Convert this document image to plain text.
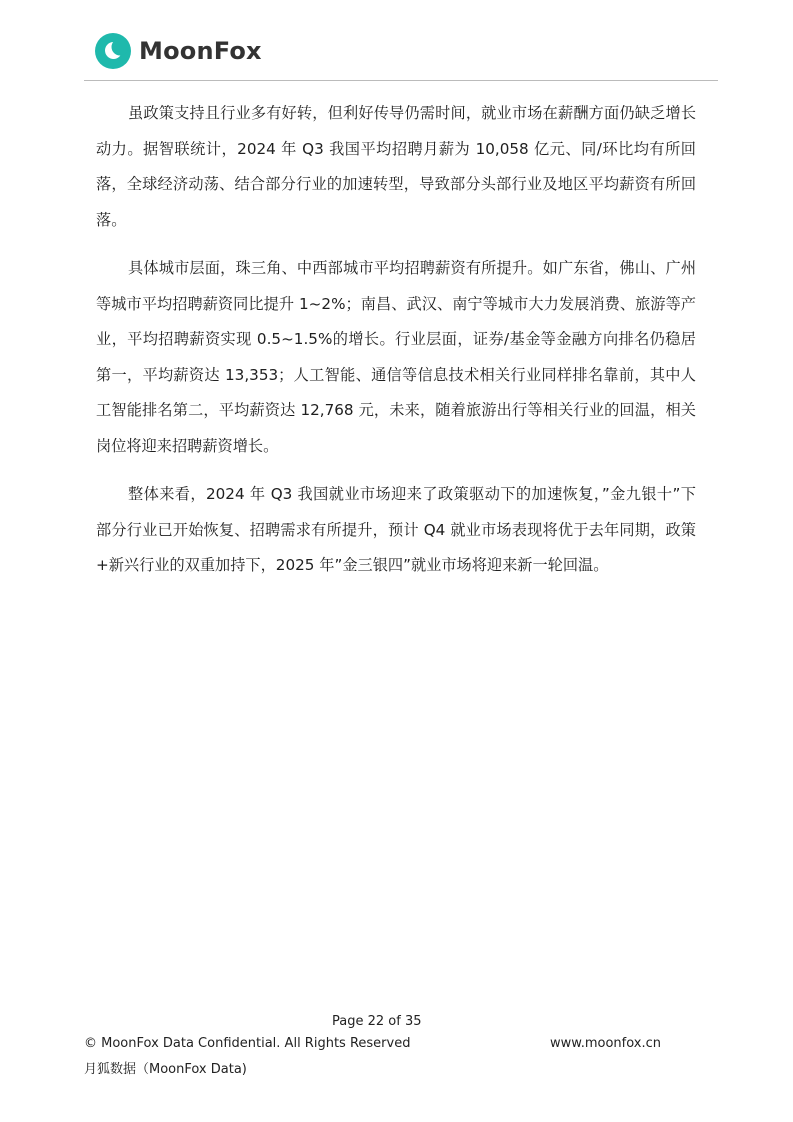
MoonFox

虽政策支持且行业多有好转，但利好传导仍需时间，就业市场在薪酬方面仍缺乏增长动力。据智联统计，2024 年 Q3 我国平均招聘月薪为 10,058 亿元、同/环比均有所回落，全球经济动荡、结合部分行业的加速转型，导致部分头部行业及地区平均薪资有所回落。

具体城市层面，珠三角、中西部城市平均招聘薪资有所提升。如广东省，佛山、广州等城市平均招聘薪资同比提升 1~2%；南昌、武汉、南宁等城市大力发展消费、旅游等产业，平均招聘薪资实现 0.5~1.5%的增长。行业层面，证券/基金等金融方向排名仍稳居第一，平均薪资达 13,353；人工智能、通信等信息技术相关行业同样排名靠前，其中人工智能排名第二，平均薪资达 12,768 元，未来，随着旅游出行等相关行业的回温，相关岗位将迎来招聘薪资增长。

整体来看，2024 年 Q3 我国就业市场迎来了政策驱动下的加速恢复，”金九银十”下部分行业已开始恢复、招聘需求有所提升，预计 Q4 就业市场表现将优于去年同期，政策+新兴行业的双重加持下，2025 年”金三银四”就业市场将迎来新一轮回温。

Page 22 of 35
© MoonFox Data Confidential. All Rights Reserved	www.moonfox.cn
月狐数据（MoonFox Data)
